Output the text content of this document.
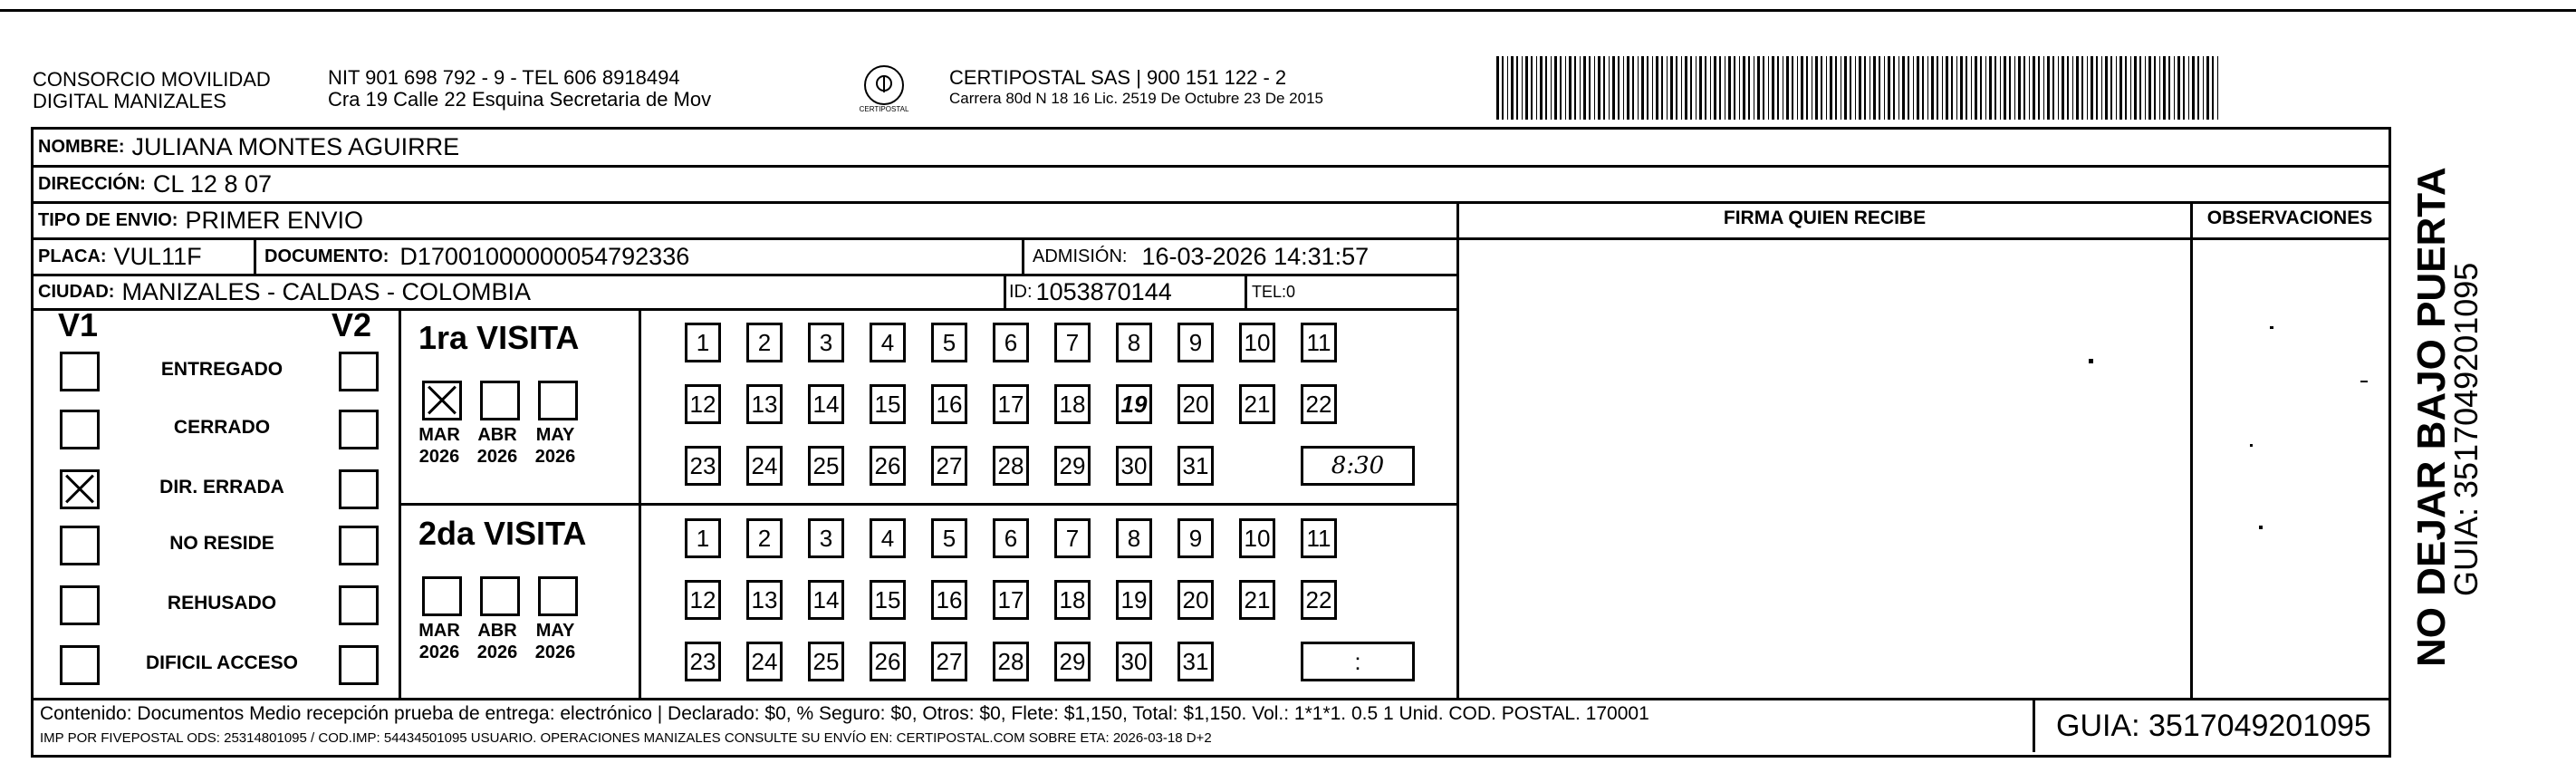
CONSORCIO MOVILIDAD
DIGITAL MANIZALES
NIT 901 698 792 - 9 - TEL 606 8918494
Cra 19 Calle 22 Esquina Secretaria de Mov	CERTIPOSTAL
CERTIPOSTAL SAS | 900 151 122 - 2
Carrera 80d N 18 16 Lic. 2519 De Octubre 23 De 2015
NOMBRE: JULIANA MONTES AGUIRRE
DIRECCIÓN: CL 12 8 07
TIPO DE ENVIO: PRIMER ENVIO
PLACA: VUL11F	DOCUMENTO: D17001000000054792336	ADMISIÓN: 16-03-2026 14:31:57
CIUDAD: MANIZALES - CALDAS - COLOMBIA	ID: 1053870144	TEL: 0
FIRMA QUIEN RECIBE	OBSERVACIONES
V1	V2
ENTREGADO
CERRADO
DIR. ERRADA
NO RESIDE
REHUSADO
DIFICIL ACCESO
1ra VISITA
MAR
2026
ABR
2026
MAY
2026
1	2	3	4	5	6	7	8	9	10 11
12 13 14 15 16 17 18 19 20 21 22
23 24 25 26 27 28 29 30 31	8:30
2da VISITA
MAR
2026
ABR
2026
MAY
2026
1	2	3	4	5	6	7	8	9	10 11
12 13 14 15 16 17 18 19 20 21 22
23 24 25 26 27 28 29 30 31	:
Contenido: Documentos Medio recepción prueba de entrega: electrónico | Declarado: $0, % Seguro: $0, Otros: $0, Flete: $1,150, Total: $1,150. Vol.: 1*1*1. 0.5 1 Unid. COD. POSTAL. 170001
IMP POR FIVEPOSTAL ODS: 25314801095 / COD.IMP: 54434501095 USUARIO. OPERACIONES MANIZALES CONSULTE SU ENVÍO EN: CERTIPOSTAL.COM SOBRE ETA: 2026-03-18 D+2	GUIA: 3517049201095
NO DEJAR BAJO PUERTA
GUIA: 3517049201095
